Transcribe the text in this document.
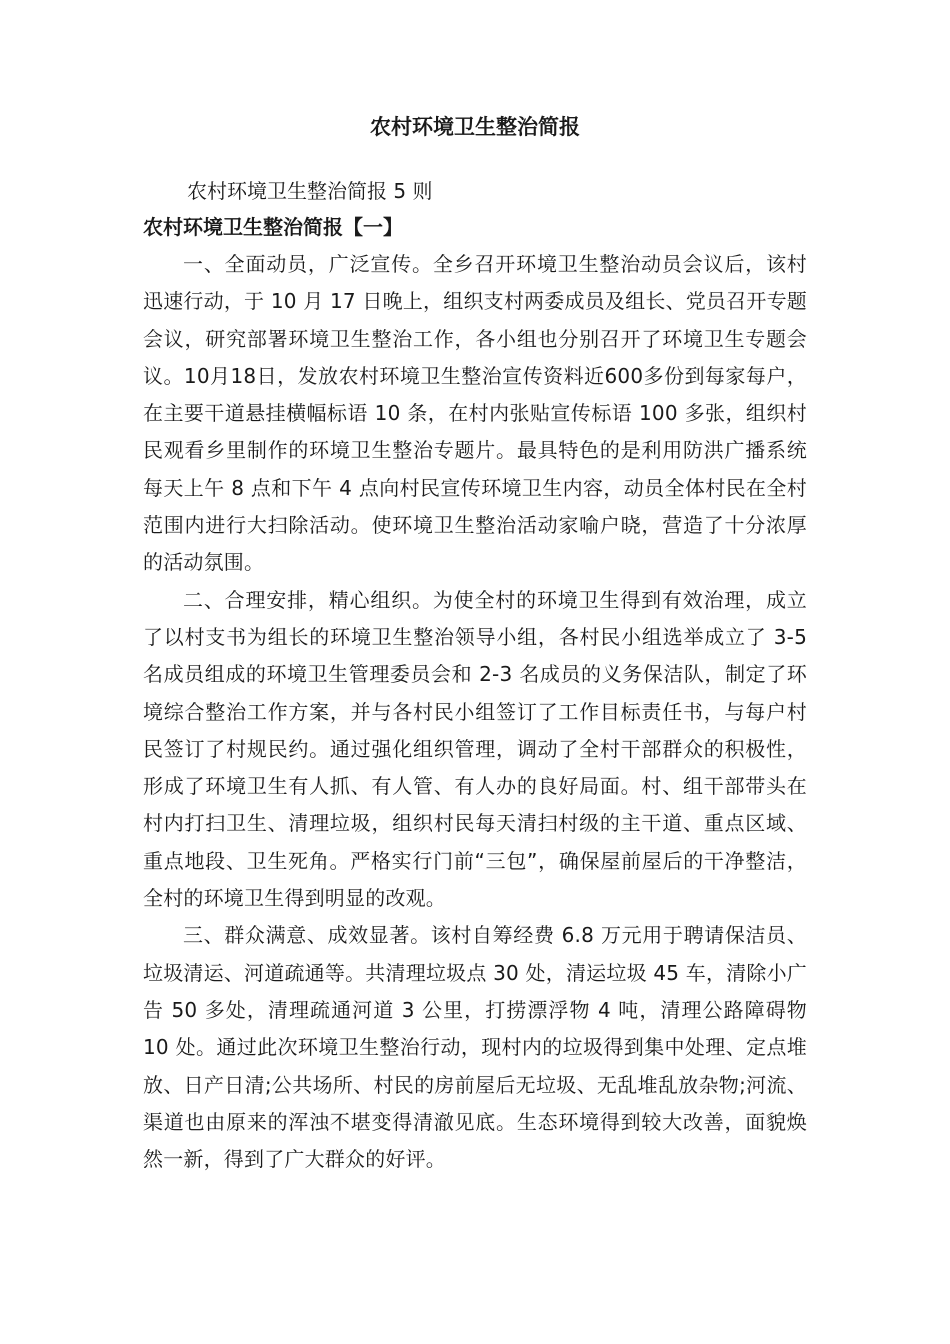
农村环境卫生整治简报
农村环境卫生整治简报 5 则
农村环境卫生整治简报【一】

一、全面动员，广泛宣传。全乡召开环境卫生整治动员会议后，该村迅速行动，于 10 月 17 日晚上，组织支村两委成员及组长、党员召开专题会议，研究部署环境卫生整治工作，各小组也分别召开了环境卫生专题会议。10月18日，发放农村环境卫生整治宣传资料近600多份到每家每户，在主要干道悬挂横幅标语 10 条，在村内张贴宣传标语 100 多张，组织村民观看乡里制作的环境卫生整治专题片。最具特色的是利用防洪广播系统每天上午 8 点和下午 4 点向村民宣传环境卫生内容，动员全体村民在全村范围内进行大扫除活动。使环境卫生整治活动家喻户晓，营造了十分浓厚的活动氛围。

二、合理安排，精心组织。为使全村的环境卫生得到有效治理，成立了以村支书为组长的环境卫生整治领导小组，各村民小组选举成立了 3-5 名成员组成的环境卫生管理委员会和 2-3 名成员的义务保洁队，制定了环境综合整治工作方案，并与各村民小组签订了工作目标责任书，与每户村民签订了村规民约。通过强化组织管理，调动了全村干部群众的积极性，形成了环境卫生有人抓、有人管、有人办的良好局面。村、组干部带头在村内打扫卫生、清理垃圾，组织村民每天清扫村级的主干道、重点区域、重点地段、卫生死角。严格实行门前“三包”，确保屋前屋后的干净整洁，全村的环境卫生得到明显的改观。

三、群众满意、成效显著。该村自筹经费 6.8 万元用于聘请保洁员、垃圾清运、河道疏通等。共清理垃圾点 30 处，清运垃圾 45 车，清除小广告 50 多处，清理疏通河道 3 公里，打捞漂浮物 4 吨，清理公路障碍物 10 处。通过此次环境卫生整治行动，现村内的垃圾得到集中处理、定点堆放、日产日清;公共场所、村民的房前屋后无垃圾、无乱堆乱放杂物;河流、渠道也由原来的浑浊不堪变得清澈见底。生态环境得到较大改善，面貌焕然一新，得到了广大群众的好评。
